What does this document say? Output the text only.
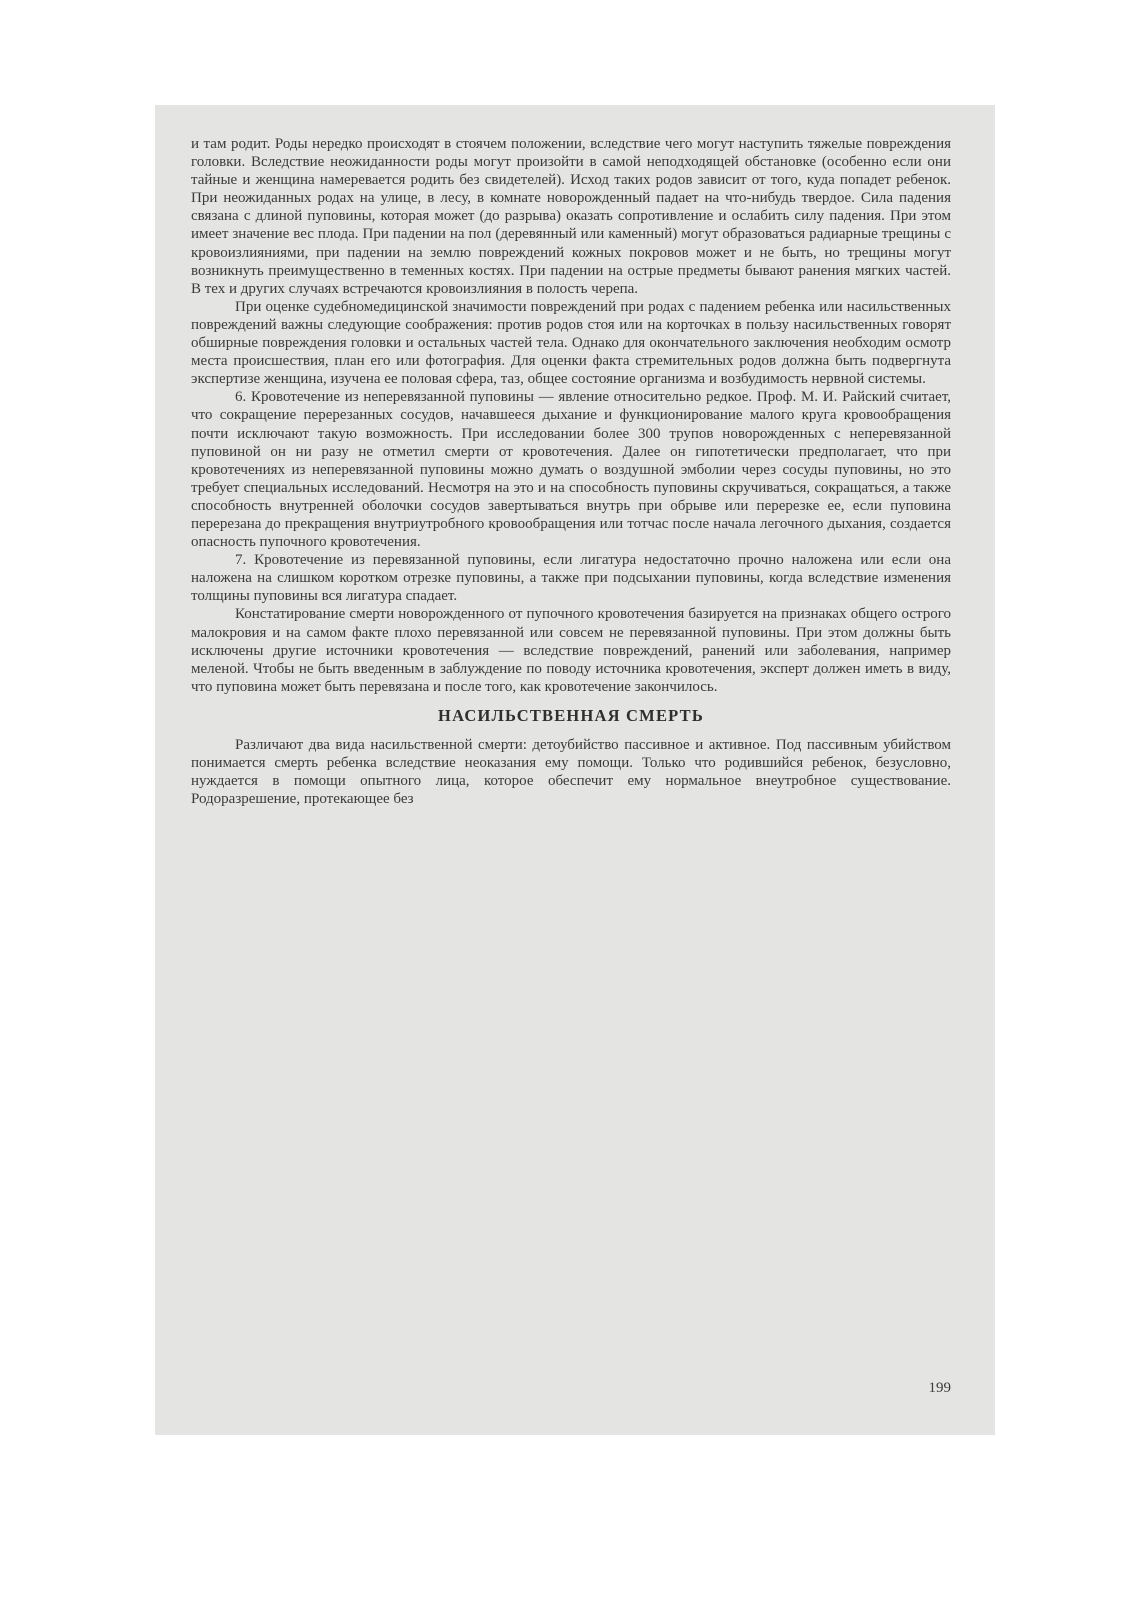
и там родит. Роды нередко происходят в стоячем положении, вследствие чего могут наступить тяжелые повреждения головки. Вследствие неожиданности роды могут произойти в самой неподходящей обстановке (особенно если они тайные и женщина намеревается родить без свидетелей). Исход таких родов зависит от того, куда попадет ребенок. При неожиданных родах на улице, в лесу, в комнате новорожденный падает на что-нибудь твердое. Сила падения связана с длиной пуповины, которая может (до разрыва) оказать сопротивление и ослабить силу падения. При этом имеет значение вес плода. При падении на пол (деревянный или каменный) могут образоваться радиарные трещины с кровоизлияниями, при падении на землю повреждений кожных покровов может и не быть, но трещины могут возникнуть преимущественно в теменных костях. При падении на острые предметы бывают ранения мягких частей. В тех и других случаях встречаются кровоизлияния в полость черепа.

При оценке судебномедицинской значимости повреждений при родах с падением ребенка или насильственных повреждений важны следующие соображения: против родов стоя или на корточках в пользу насильственных говорят обширные повреждения головки и остальных частей тела. Однако для окончательного заключения необходим осмотр места происшествия, план его или фотография. Для оценки факта стремительных родов должна быть подвергнута экспертизе женщина, изучена ее половая сфера, таз, общее состояние организма и возбудимость нервной системы.

6. Кровотечение из неперевязанной пуповины — явление относительно редкое. Проф. М. И. Райский считает, что сокращение перерезанных сосудов, начавшееся дыхание и функционирование малого круга кровообращения почти исключают такую возможность. При исследовании более 300 трупов новорожденных с неперевязанной пуповиной он ни разу не отметил смерти от кровотечения. Далее он гипотетически предполагает, что при кровотечениях из неперевязанной пуповины можно думать о воздушной эмболии через сосуды пуповины, но это требует специальных исследований. Несмотря на это и на способность пуповины скручиваться, сокращаться, а также способность внутренней оболочки сосудов завертываться внутрь при обрыве или перерезке ее, если пуповина перерезана до прекращения внутриутробного кровообращения или тотчас после начала легочного дыхания, создается опасность пупочного кровотечения.

7. Кровотечение из перевязанной пуповины, если лигатура недостаточно прочно наложена или если она наложена на слишком коротком отрезке пуповины, а также при подсыхании пуповины, когда вследствие изменения толщины пуповины вся лигатура спадает.

Констатирование смерти новорожденного от пупочного кровотечения базируется на признаках общего острого малокровия и на самом факте плохо перевязанной или совсем не перевязанной пуповины. При этом должны быть исключены другие источники кровотечения — вследствие повреждений, ранений или заболевания, например меленой. Чтобы не быть введенным в заблуждение по поводу источника кровотечения, эксперт должен иметь в виду, что пуповина может быть перевязана и после того, как кровотечение закончилось.

НАСИЛЬСТВЕННАЯ СМЕРТЬ

Различают два вида насильственной смерти: детоубийство пассивное и активное. Под пассивным убийством понимается смерть ребенка вследствие неоказания ему помощи. Только что родившийся ребенок, безусловно, нуждается в помощи опытного лица, которое обеспечит ему нормальное внеутробное существование. Родоразрешение, протекающее без

199
